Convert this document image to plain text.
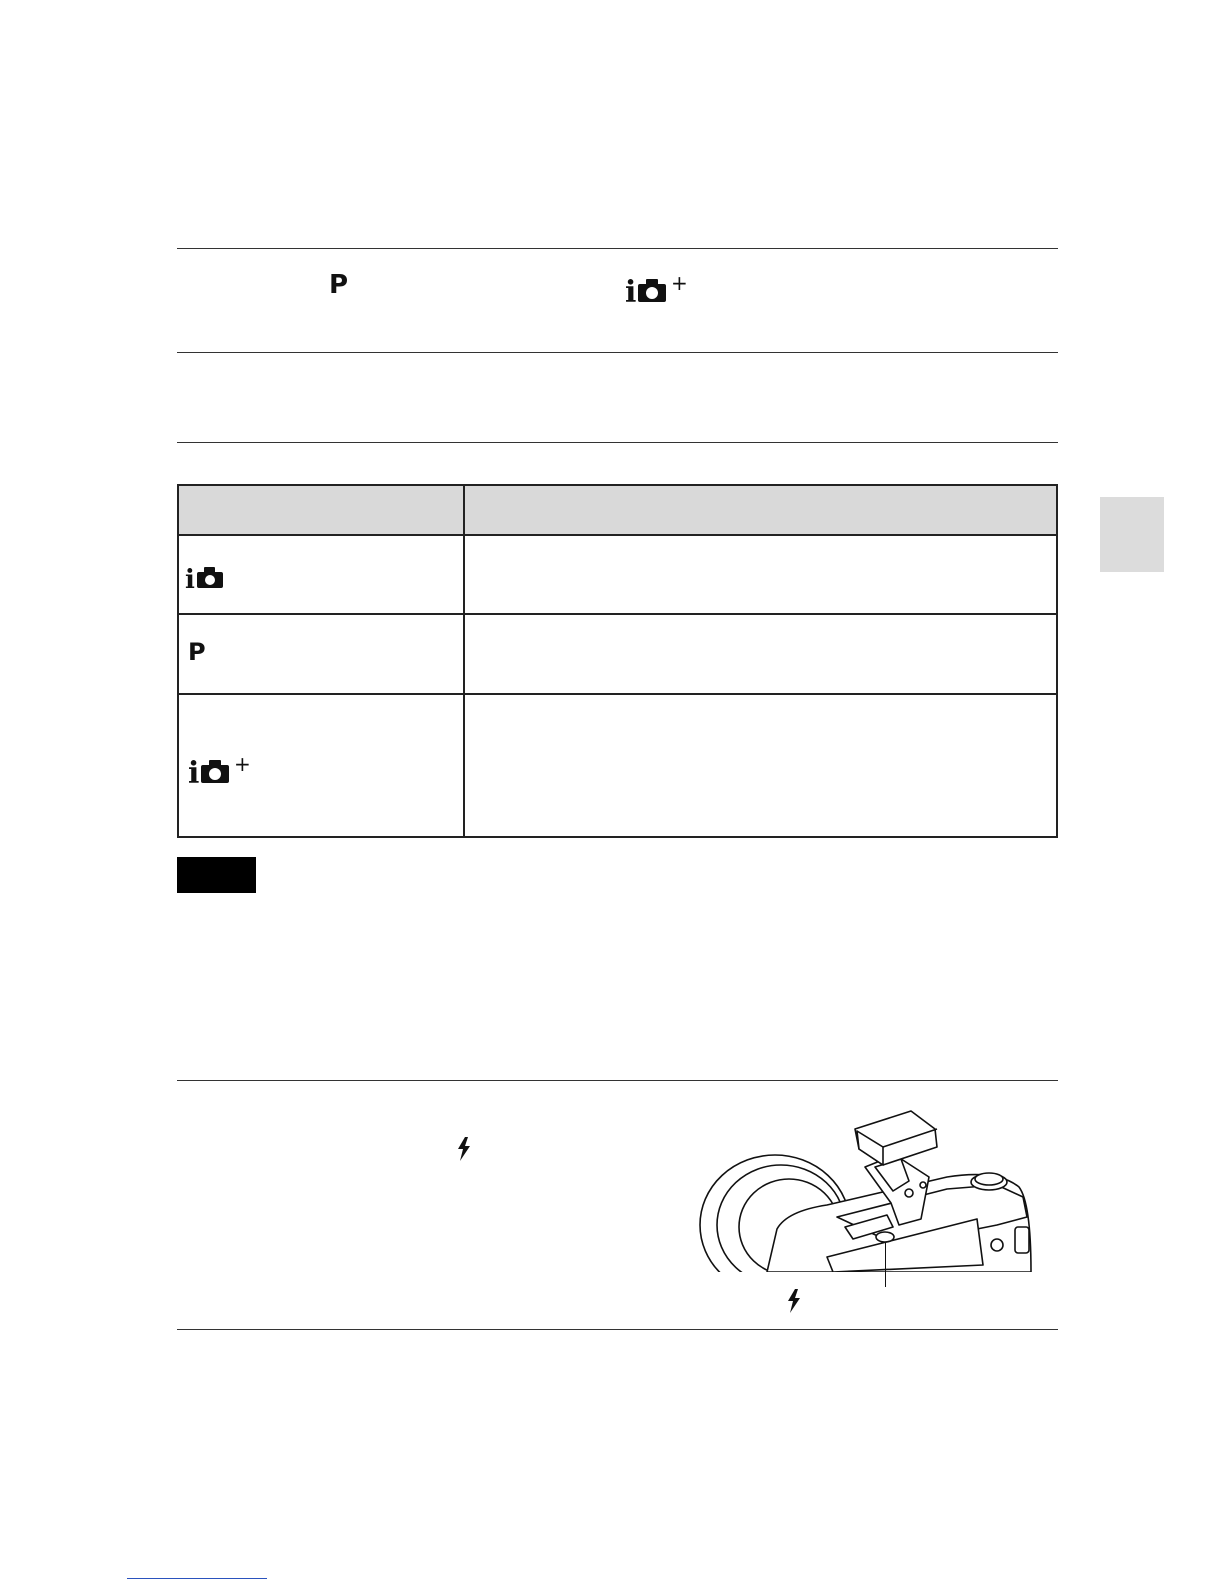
P	i +
i
P
i +
